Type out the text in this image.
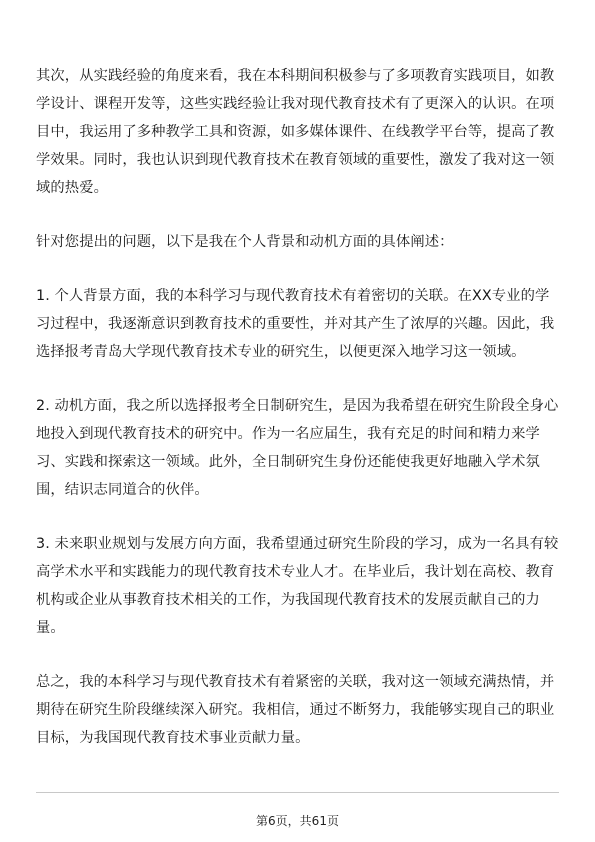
其次，从实践经验的角度来看，我在本科期间积极参与了多项教育实践项目，如教学设计、课程开发等，这些实践经验让我对现代教育技术有了更深入的认识。在项目中，我运用了多种教学工具和资源，如多媒体课件、在线教学平台等，提高了教学效果。同时，我也认识到现代教育技术在教育领域的重要性，激发了我对这一领域的热爱。

针对您提出的问题，以下是我在个人背景和动机方面的具体阐述：

1. 个人背景方面，我的本科学习与现代教育技术有着密切的关联。在XX专业的学习过程中，我逐渐意识到教育技术的重要性，并对其产生了浓厚的兴趣。因此，我选择报考青岛大学现代教育技术专业的研究生，以便更深入地学习这一领域。

2. 动机方面，我之所以选择报考全日制研究生，是因为我希望在研究生阶段全身心地投入到现代教育技术的研究中。作为一名应届生，我有充足的时间和精力来学习、实践和探索这一领域。此外，全日制研究生身份还能使我更好地融入学术氛围，结识志同道合的伙伴。

3. 未来职业规划与发展方向方面，我希望通过研究生阶段的学习，成为一名具有较高学术水平和实践能力的现代教育技术专业人才。在毕业后，我计划在高校、教育机构或企业从事教育技术相关的工作，为我国现代教育技术的发展贡献自己的力量。

总之，我的本科学习与现代教育技术有着紧密的关联，我对这一领域充满热情，并期待在研究生阶段继续深入研究。我相信，通过不断努力，我能够实现自己的职业目标，为我国现代教育技术事业贡献力量。

第6页，共61页
